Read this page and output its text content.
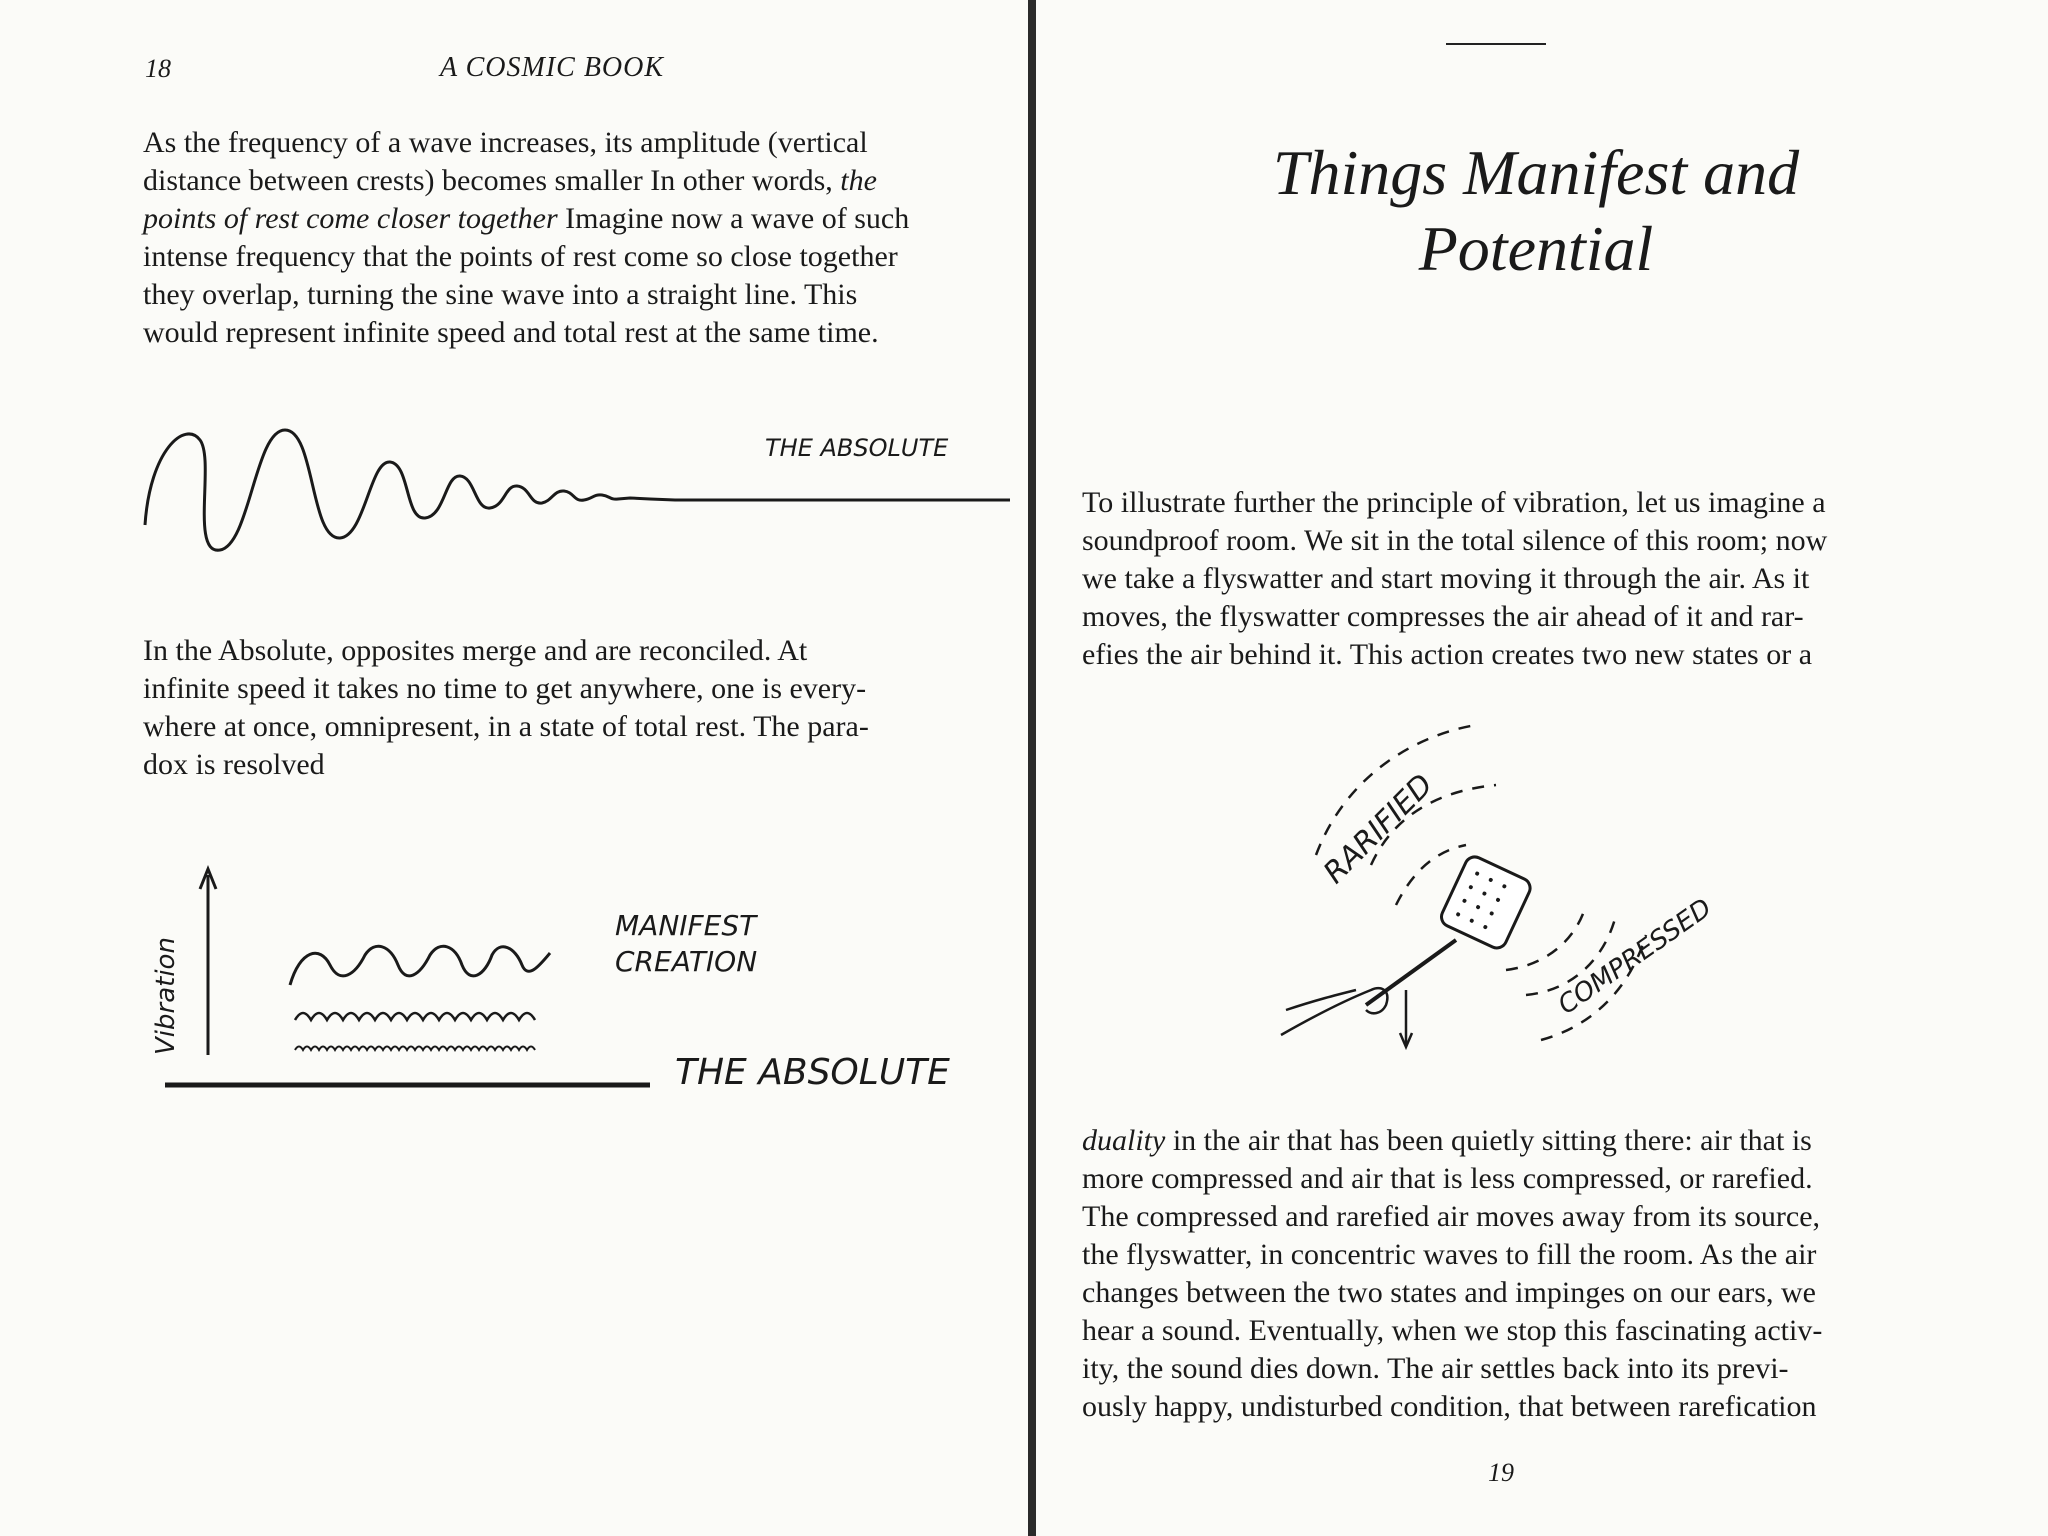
18	A COSMIC BOOK
As the frequency of a wave increases, its amplitude (vertical
distance between crests) becomes smaller In other words, the
points of rest come closer together Imagine now a wave of such
intense frequency that the points of rest come so close together
they overlap, turning the sine wave into a straight line. This
would represent infinite speed and total rest at the same time.
THE ABSOLUTE
In the Absolute, opposites merge and are reconciled. At
infinite speed it takes no time to get anywhere, one is every-
where at once, omnipresent, in a state of total rest. The para-
dox is resolved
Vibration
MANIFEST
CREATION
THE ABSOLUTE
Things Manifest and
Potential
To illustrate further the principle of vibration, let us imagine a
soundproof room. We sit in the total silence of this room; now
we take a flyswatter and start moving it through the air. As it
moves, the flyswatter compresses the air ahead of it and rar-
efies the air behind it. This action creates two new states or a
RARIFIED
COMPRESSED
duality in the air that has been quietly sitting there: air that is
more compressed and air that is less compressed, or rarefied.
The compressed and rarefied air moves away from its source,
the flyswatter, in concentric waves to fill the room. As the air
changes between the two states and impinges on our ears, we
hear a sound. Eventually, when we stop this fascinating activ-
ity, the sound dies down. The air settles back into its previ-
ously happy, undisturbed condition, that between rarefication
19
